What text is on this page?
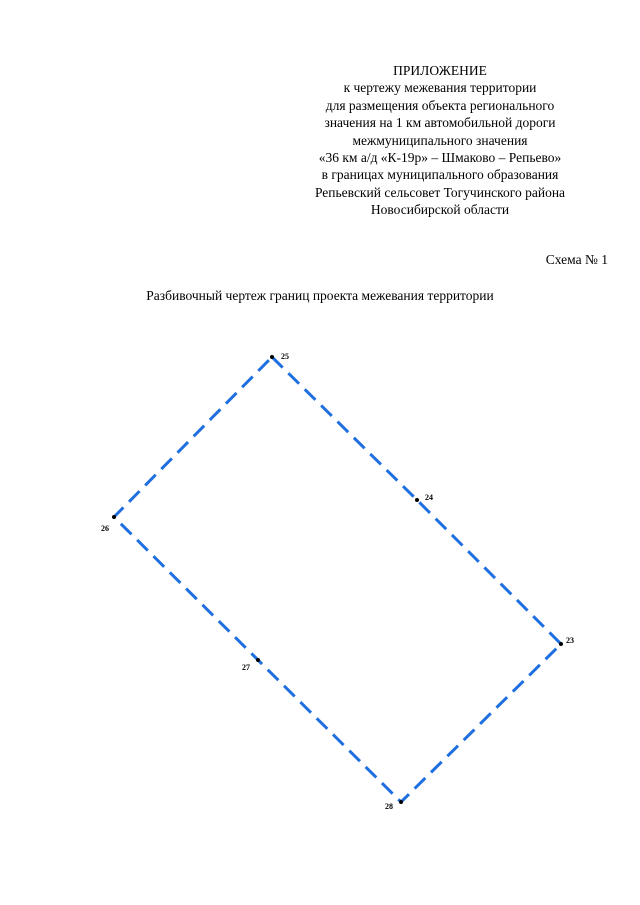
ПРИЛОЖЕНИЕ
к чертежу межевания территории
для размещения объекта регионального
значения на 1 км автомобильной дороги
межмуниципального значения
«36 км а/д «К-19р» – Шмаково – Репьево»
в границах муниципального образования
Репьевский сельсовет Тогучинского района
Новосибирской области
Схема № 1
Разбивочный чертеж границ проекта межевания территории
25
24
23
28
27
26
